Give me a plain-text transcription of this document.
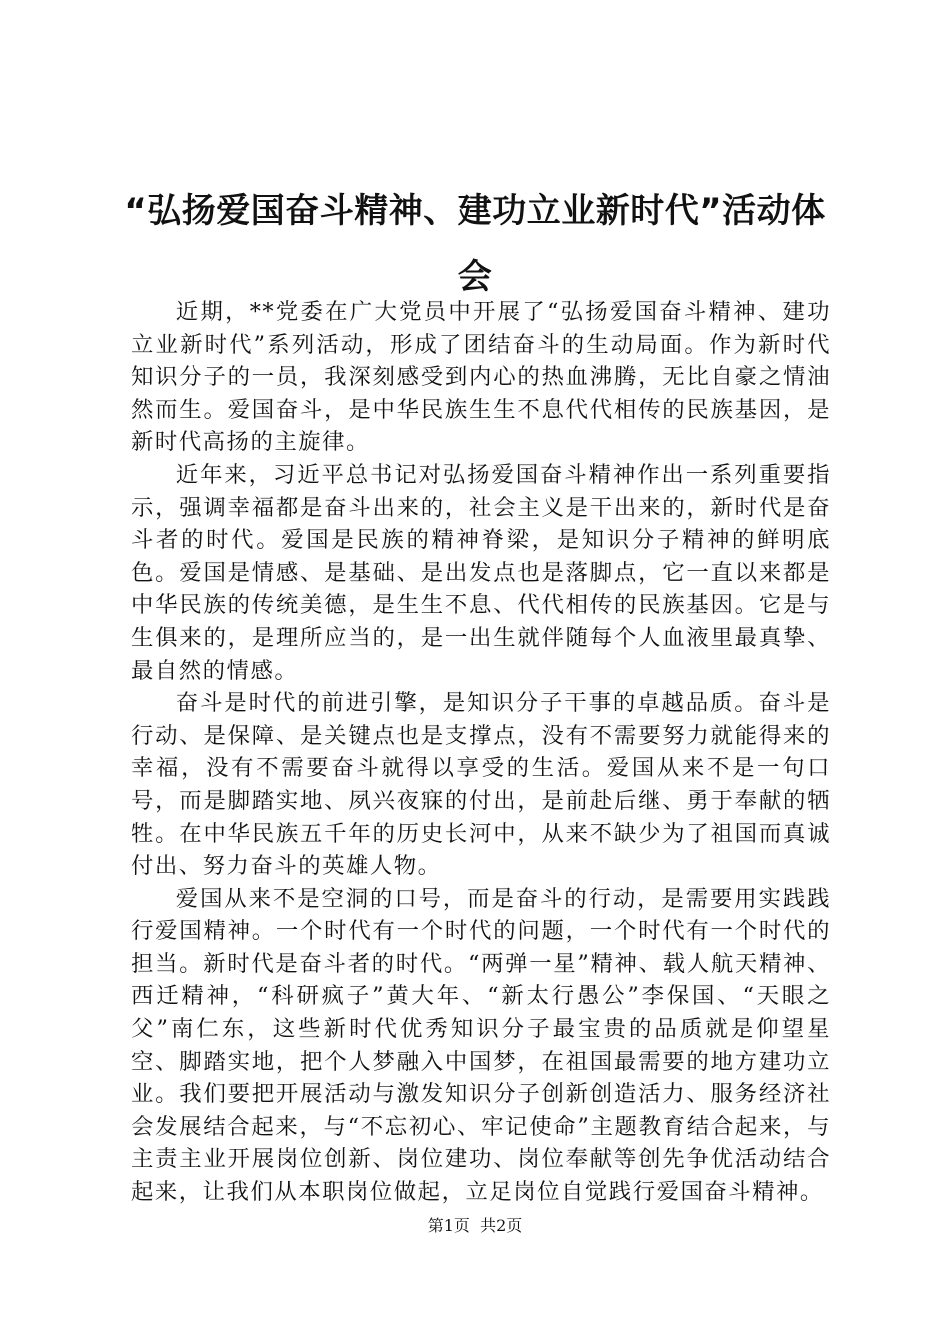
“弘扬爱国奋斗精神、建功立业新时代”活动体会

近期，**党委在广大党员中开展了“弘扬爱国奋斗精神、建功立业新时代”系列活动，形成了团结奋斗的生动局面。作为新时代知识分子的一员，我深刻感受到内心的热血沸腾，无比自豪之情油然而生。爱国奋斗，是中华民族生生不息代代相传的民族基因，是新时代高扬的主旋律。

近年来，习近平总书记对弘扬爱国奋斗精神作出一系列重要指示，强调幸福都是奋斗出来的，社会主义是干出来的，新时代是奋斗者的时代。爱国是民族的精神脊梁，是知识分子精神的鲜明底色。爱国是情感、是基础、是出发点也是落脚点，它一直以来都是中华民族的传统美德，是生生不息、代代相传的民族基因。它是与生俱来的，是理所应当的，是一出生就伴随每个人血液里最真挚、最自然的情感。

奋斗是时代的前进引擎，是知识分子干事的卓越品质。奋斗是行动、是保障、是关键点也是支撑点，没有不需要努力就能得来的幸福，没有不需要奋斗就得以享受的生活。爱国从来不是一句口号，而是脚踏实地、夙兴夜寐的付出，是前赴后继、勇于奉献的牺牲。在中华民族五千年的历史长河中，从来不缺少为了祖国而真诚付出、努力奋斗的英雄人物。

爱国从来不是空洞的口号，而是奋斗的行动，是需要用实践践行爱国精神。一个时代有一个时代的问题，一个时代有一个时代的担当。新时代是奋斗者的时代。“两弹一星”精神、载人航天精神、西迁精神，“科研疯子”黄大年、“新太行愚公”李保国、“天眼之父”南仁东，这些新时代优秀知识分子最宝贵的品质就是仰望星空、脚踏实地，把个人梦融入中国梦，在祖国最需要的地方建功立业。我们要把开展活动与激发知识分子创新创造活力、服务经济社会发展结合起来，与“不忘初心、牢记使命”主题教育结合起来，与主责主业开展岗位创新、岗位建功、岗位奉献等创先争优活动结合起来，让我们从本职岗位做起，立足岗位自觉践行爱国奋斗精神。

第1页  共2页
